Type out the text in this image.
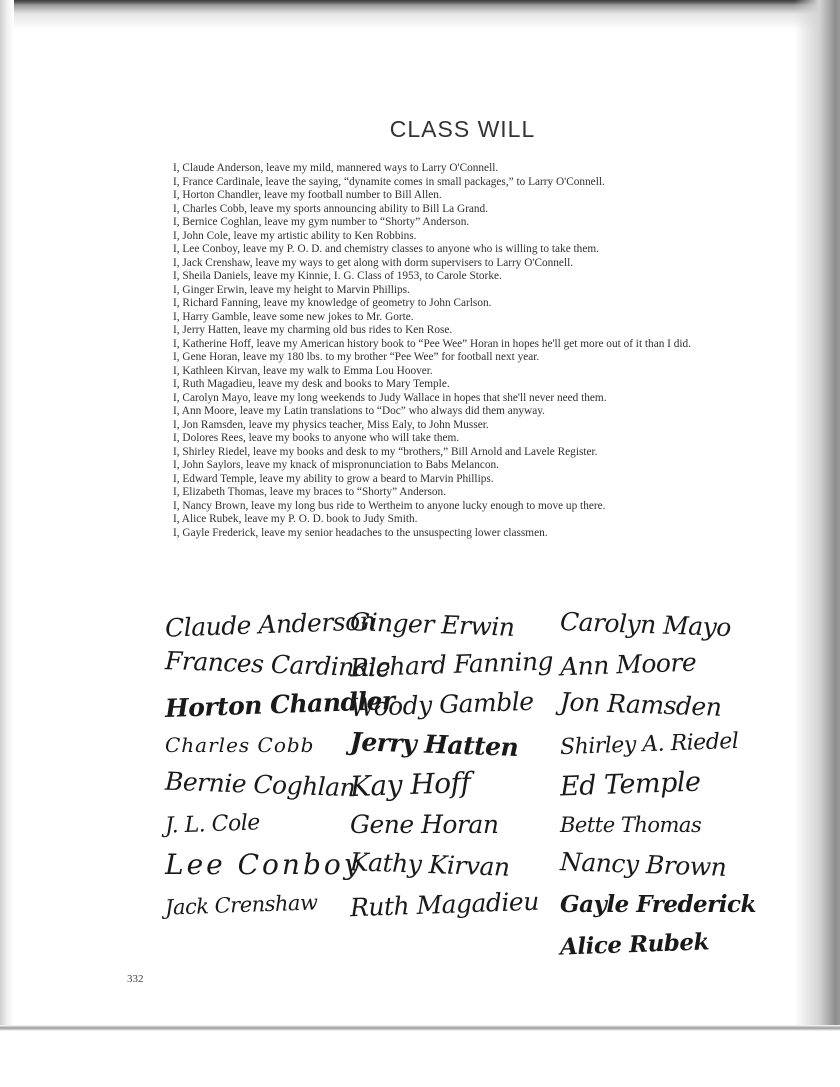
CLASS WILL
I, Claude Anderson, leave my mild, mannered ways to Larry O'Connell.
I, France Cardinale, leave the saying, “dynamite comes in small packages,” to Larry O'Connell.
I, Horton Chandler, leave my football number to Bill Allen.
I, Charles Cobb, leave my sports announcing ability to Bill La Grand.
I, Bernice Coghlan, leave my gym number to “Shorty” Anderson.
I, John Cole, leave my artistic ability to Ken Robbins.
I, Lee Conboy, leave my P. O. D. and chemistry classes to anyone who is willing to take them.
I, Jack Crenshaw, leave my ways to get along with dorm supervisers to Larry O'Connell.
I, Sheila Daniels, leave my Kinnie, I. G. Class of 1953, to Carole Storke.
I, Ginger Erwin, leave my height to Marvin Phillips.
I, Richard Fanning, leave my knowledge of geometry to John Carlson.
I, Harry Gamble, leave some new jokes to Mr. Gorte.
I, Jerry Hatten, leave my charming old bus rides to Ken Rose.
I, Katherine Hoff, leave my American history book to “Pee Wee” Horan in hopes he'll get more out of it than I did.
I, Gene Horan, leave my 180 lbs. to my brother “Pee Wee” for football next year.
I, Kathleen Kirvan, leave my walk to Emma Lou Hoover.
I, Ruth Magadieu, leave my desk and books to Mary Temple.
I, Carolyn Mayo, leave my long weekends to Judy Wallace in hopes that she'll never need them.
I, Ann Moore, leave my Latin translations to “Doc” who always did them anyway.
I, Jon Ramsden, leave my physics teacher, Miss Ealy, to John Musser.
I, Dolores Rees, leave my books to anyone who will take them.
I, Shirley Riedel, leave my books and desk to my “brothers,” Bill Arnold and Lavele Register.
I, John Saylors, leave my knack of mispronunciation to Babs Melancon.
I, Edward Temple, leave my ability to grow a beard to Marvin Phillips.
I, Elizabeth Thomas, leave my braces to “Shorty” Anderson.
I, Nancy Brown, leave my long bus ride to Wertheim to anyone lucky enough to move up there.
I, Alice Rubek, leave my P. O. D. book to Judy Smith.
I, Gayle Frederick, leave my senior headaches to the unsuspecting lower classmen.
Claude Anderson
Frances Cardinale
Horton Chandler
Charles Cobb
Bernie Coghlan
J. L. Cole
Lee Conboy
Jack Crenshaw
Ginger Erwin
Richard Fanning
Woody Gamble
Jerry Hatten
Kay Hoff
Gene Horan
Kathy Kirvan
Ruth Magadieu
Carolyn Mayo
Ann Moore
Jon Ramsden
Shirley A. Riedel
Ed Temple
Bette Thomas
Nancy Brown
Gayle Frederick
Alice Rubek
332
